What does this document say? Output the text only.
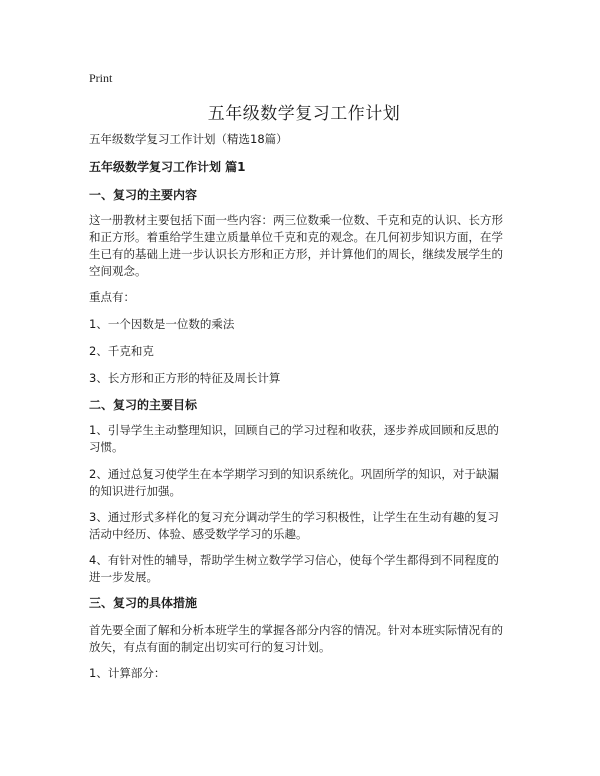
Print
五年级数学复习工作计划

五年级数学复习工作计划（精选18篇）

五年级数学复习工作计划 篇1

一、复习的主要内容

这一册教材主要包括下面一些内容：两三位数乘一位数、千克和克的认识、长方形

和正方形。着重给学生建立质量单位千克和克的观念。在几何初步知识方面，在学

生已有的基础上进一步认识长方形和正方形，并计算他们的周长，继续发展学生的

空间观念。

重点有：

1、一个因数是一位数的乘法

2、千克和克

3、长方形和正方形的特征及周长计算

二、复习的主要目标

1、引导学生主动整理知识，回顾自己的学习过程和收获，逐步养成回顾和反思的

习惯。

2、通过总复习使学生在本学期学习到的知识系统化。巩固所学的知识，对于缺漏

的知识进行加强。

3、通过形式多样化的复习充分调动学生的学习积极性，让学生在生动有趣的复习

活动中经历、体验、感受数学学习的乐趣。

4、有针对性的辅导，帮助学生树立数学学习信心，使每个学生都得到不同程度的

进一步发展。

三、复习的具体措施

首先要全面了解和分析本班学生的掌握各部分内容的情况。针对本班实际情况有的

放矢，有点有面的制定出切实可行的复习计划。

1、计算部分：
